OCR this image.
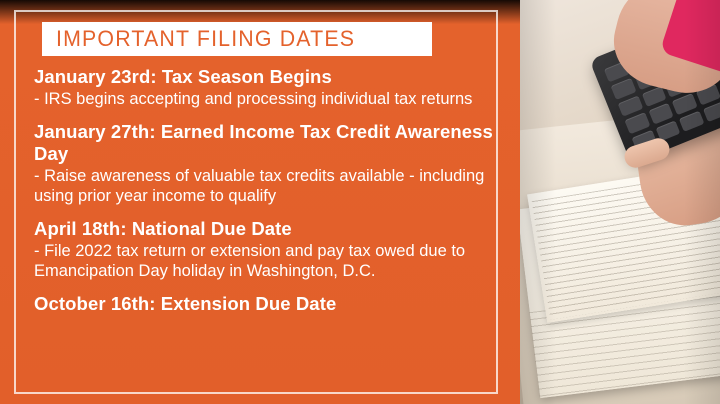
IMPORTANT FILING DATES
January 23rd: Tax Season Begins
- IRS begins accepting and processing individual tax returns
January 27th: Earned Income Tax Credit Awareness Day
- Raise awareness of valuable tax credits available - including using prior year income to qualify
April 18th: National Due Date
- File 2022 tax return or extension and pay tax owed due to Emancipation Day holiday in Washington, D.C.
October 16th: Extension Due Date
